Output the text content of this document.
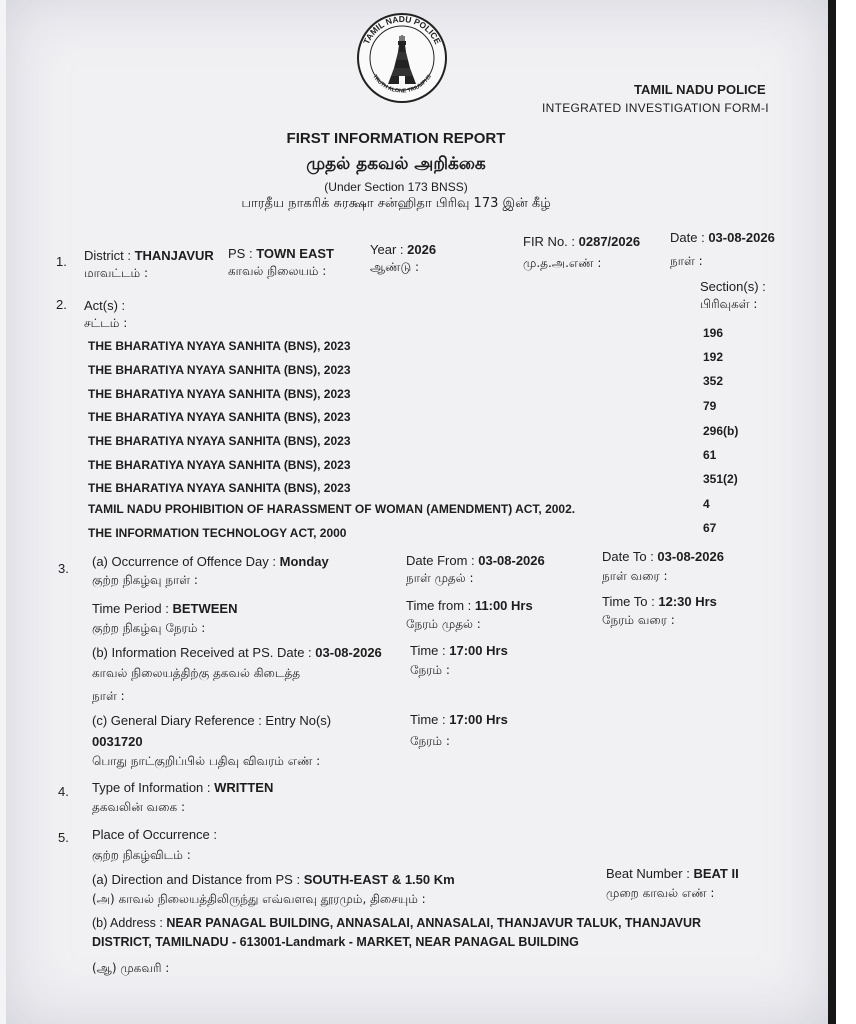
TAMIL NADU POLICE
TRUTH ALONE TRIUMPHS
TAMIL NADU POLICE
INTEGRATED INVESTIGATION FORM-I
FIRST INFORMATION REPORT
முதல் தகவல் அறிக்கை
(Under Section 173 BNSS)
பாரதீய நாகரிக் சுரக்ஷா சன்ஹிதா பிரிவு 173 இன் கீழ்
1. District : THANJAVUR
மாவட்டம் :
PS : TOWN EAST
காவல் நிலையம் :
Year : 2026
ஆண்டு :
FIR No. : 0287/2026
மு.த.அ.எண் :
Date : 03-08-2026
நாள் :
2. Act(s) :
சட்டம் :
Section(s) :
பிரிவுகள் :
THE BHARATIYA NYAYA SANHITA (BNS), 2023
196
THE BHARATIYA NYAYA SANHITA (BNS), 2023
192
THE BHARATIYA NYAYA SANHITA (BNS), 2023
352
THE BHARATIYA NYAYA SANHITA (BNS), 2023
79
THE BHARATIYA NYAYA SANHITA (BNS), 2023
296(b)
THE BHARATIYA NYAYA SANHITA (BNS), 2023
61
THE BHARATIYA NYAYA SANHITA (BNS), 2023
351(2)
TAMIL NADU PROHIBITION OF HARASSMENT OF WOMAN (AMENDMENT) ACT, 2002.	4
THE INFORMATION TECHNOLOGY ACT, 2000	67
3. (a) Occurrence of Offence Day : Monday
குற்ற நிகழ்வு நாள் :
Date From : 03-08-2026
நாள் முதல் :
Date To : 03-08-2026
நாள் வரை :
Time Period : BETWEEN
குற்ற நிகழ்வு நேரம் :
Time from : 11:00 Hrs
நேரம் முதல் :
Time To : 12:30 Hrs
நேரம் வரை :
(b) Information Received at PS. Date : 03-08-2026
காவல் நிலையத்திற்கு தகவல் கிடைத்த
நாள் :
Time : 17:00 Hrs
நேரம் :
(c) General Diary Reference : Entry No(s)
0031720
பொது நாட்குறிப்பில் பதிவு விவரம் எண் :
Time : 17:00 Hrs
நேரம் :
4. Type of Information : WRITTEN
தகவலின் வகை :
5. Place of Occurrence :
குற்ற நிகழ்விடம் :
(a) Direction and Distance from PS : SOUTH-EAST & 1.50 Km
(அ) காவல் நிலையத்திலிருந்து எவ்வளவு தூரமும், திசையும் :
Beat Number : BEAT II
முறை காவல் எண் :
(b) Address : NEAR PANAGAL BUILDING, ANNASALAI, ANNASALAI, THANJAVUR TALUK, THANJAVUR
DISTRICT, TAMILNADU - 613001-Landmark - MARKET, NEAR PANAGAL BUILDING
(ஆ) முகவரி :
